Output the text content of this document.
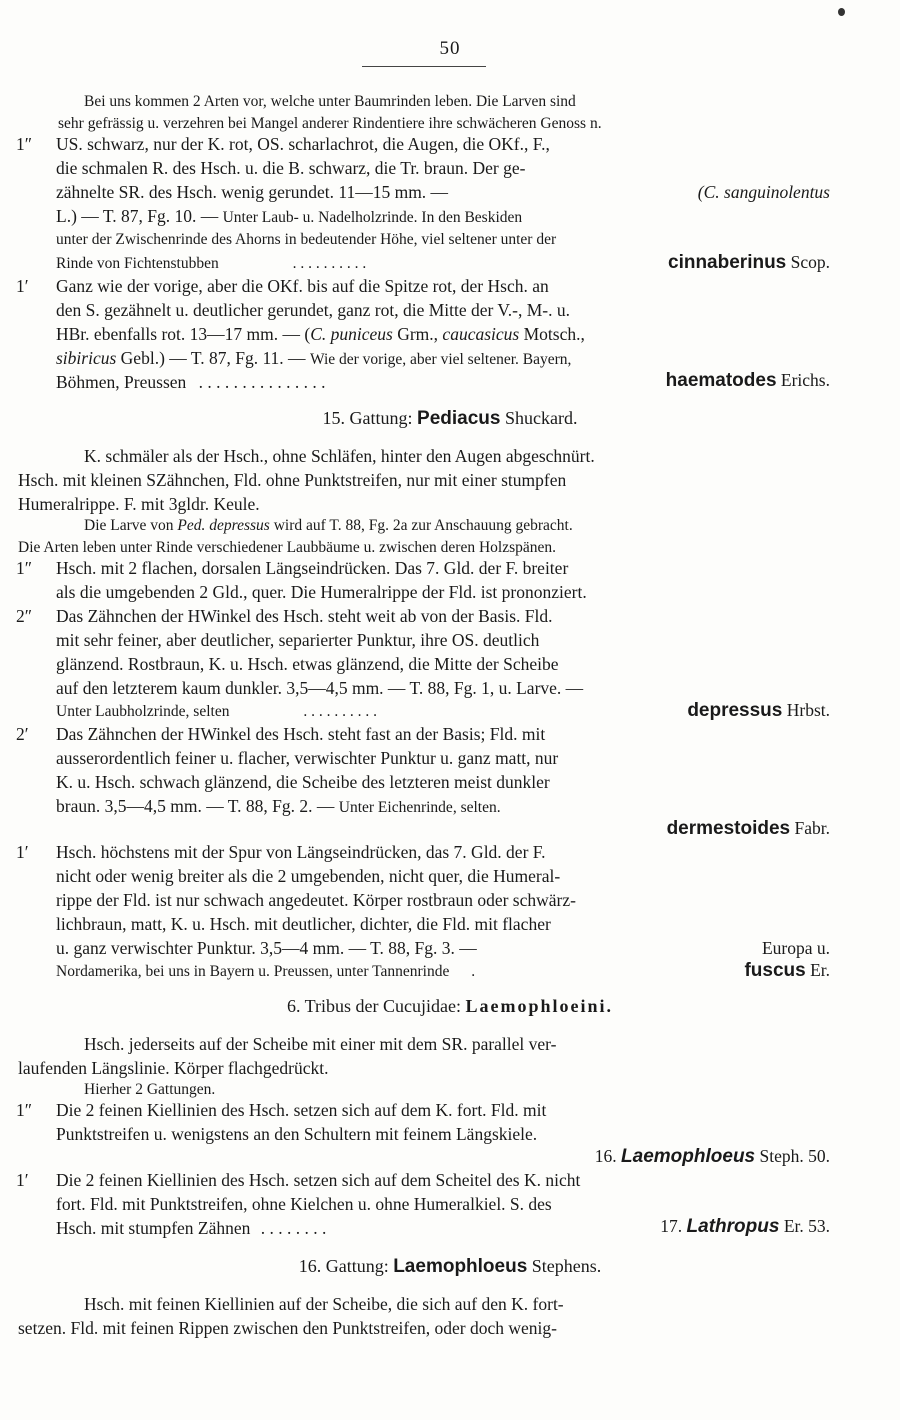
50
Bei uns kommen 2 Arten vor, welche unter Baumrinden leben. Die Larven sind
sehr gefrässig u. verzehren bei Mangel anderer Rindentiere ihre schwächeren Genoss n.
1″ US. schwarz, nur der K. rot, OS. scharlachrot, die Augen, die OKf., F.,
die schmalen R. des Hsch. u. die B. schwarz, die Tr. braun. Der ge-
zähnelte SR. des Hsch. wenig gerundet. 11—15 mm. —	(C. sanguinolentus
L.) — T. 87, Fg. 10. — Unter Laub- u. Nadelholzrinde. In den Beskiden
unter der Zwischenrinde des Ahorns in bedeutender Höhe, viel seltener unter der
Rinde von Fichtenstubben	. . . . . . . . . .	cinnaberinus Scop.
1′ Ganz wie der vorige, aber die OKf. bis auf die Spitze rot, der Hsch. an
den S. gezähnelt u. deutlicher gerundet, ganz rot, die Mitte der V.-, M-. u.
HBr. ebenfalls rot. 13—17 mm. — (C. puniceus Grm., caucasicus Motsch.,
sibiricus Gebl.) — T. 87, Fg. 11. — Wie der vorige, aber viel seltener. Bayern,
Böhmen, Preussen . . . . . . . . . . . . . . .	haematodes Erichs.
15. Gattung: Pediacus Shuckard.
K. schmäler als der Hsch., ohne Schläfen, hinter den Augen abgeschnürt.
Hsch. mit kleinen SZähnchen, Fld. ohne Punktstreifen, nur mit einer stumpfen
Humeralrippe. F. mit 3gldr. Keule.
Die Larve von Ped. depressus wird auf T. 88, Fg. 2a zur Anschauung gebracht.
Die Arten leben unter Rinde verschiedener Laubbäume u. zwischen deren Holzspänen.
1″ Hsch. mit 2 flachen, dorsalen Längseindrücken. Das 7. Gld. der F. breiter
als die umgebenden 2 Gld., quer. Die Humeralrippe der Fld. ist prononziert.
2″ Das Zähnchen der HWinkel des Hsch. steht weit ab von der Basis. Fld.
mit sehr feiner, aber deutlicher, separierter Punktur, ihre OS. deutlich
glänzend. Rostbraun, K. u. Hsch. etwas glänzend, die Mitte der Scheibe
auf den letzterem kaum dunkler. 3,5—4,5 mm. — T. 88, Fg. 1, u. Larve. —
Unter Laubholzrinde, selten	. . . . . . . . . .	depressus Hrbst.
2′ Das Zähnchen der HWinkel des Hsch. steht fast an der Basis; Fld. mit
ausserordentlich feiner u. flacher, verwischter Punktur u. ganz matt, nur
K. u. Hsch. schwach glänzend, die Scheibe des letzteren meist dunkler
braun. 3,5—4,5 mm. — T. 88, Fg. 2. — Unter Eichenrinde, selten.
dermestoides Fabr.
1′ Hsch. höchstens mit der Spur von Längseindrücken, das 7. Gld. der F.
nicht oder wenig breiter als die 2 umgebenden, nicht quer, die Humeral-
rippe der Fld. ist nur schwach angedeutet. Körper rostbraun oder schwärz-
lichbraun, matt, K. u. Hsch. mit deutlicher, dichter, die Fld. mit flacher
u. ganz verwischter Punktur. 3,5—4 mm. — T. 88, Fg. 3. —	Europa u.
Nordamerika, bei uns in Bayern u. Preussen, unter Tannenrinde .	fuscus Er.
6. Tribus der Cucujidae: Laemophloeini.
Hsch. jederseits auf der Scheibe mit einer mit dem SR. parallel ver-
laufenden Längslinie. Körper flachgedrückt.
Hierher 2 Gattungen.
1″ Die 2 feinen Kiellinien des Hsch. setzen sich auf dem K. fort. Fld. mit
Punktstreifen u. wenigstens an den Schultern mit feinem Längskiele.
16. Laemophloeus Steph. 50.
1′ Die 2 feinen Kiellinien des Hsch. setzen sich auf dem Scheitel des K. nicht
fort. Fld. mit Punktstreifen, ohne Kielchen u. ohne Humeralkiel. S. des
Hsch. mit stumpfen Zähnen . . . . . . . .	17. Lathropus Er. 53.
16. Gattung: Laemophloeus Stephens.
Hsch. mit feinen Kiellinien auf der Scheibe, die sich auf den K. fort-
setzen. Fld. mit feinen Rippen zwischen den Punktstreifen, oder doch wenig-
